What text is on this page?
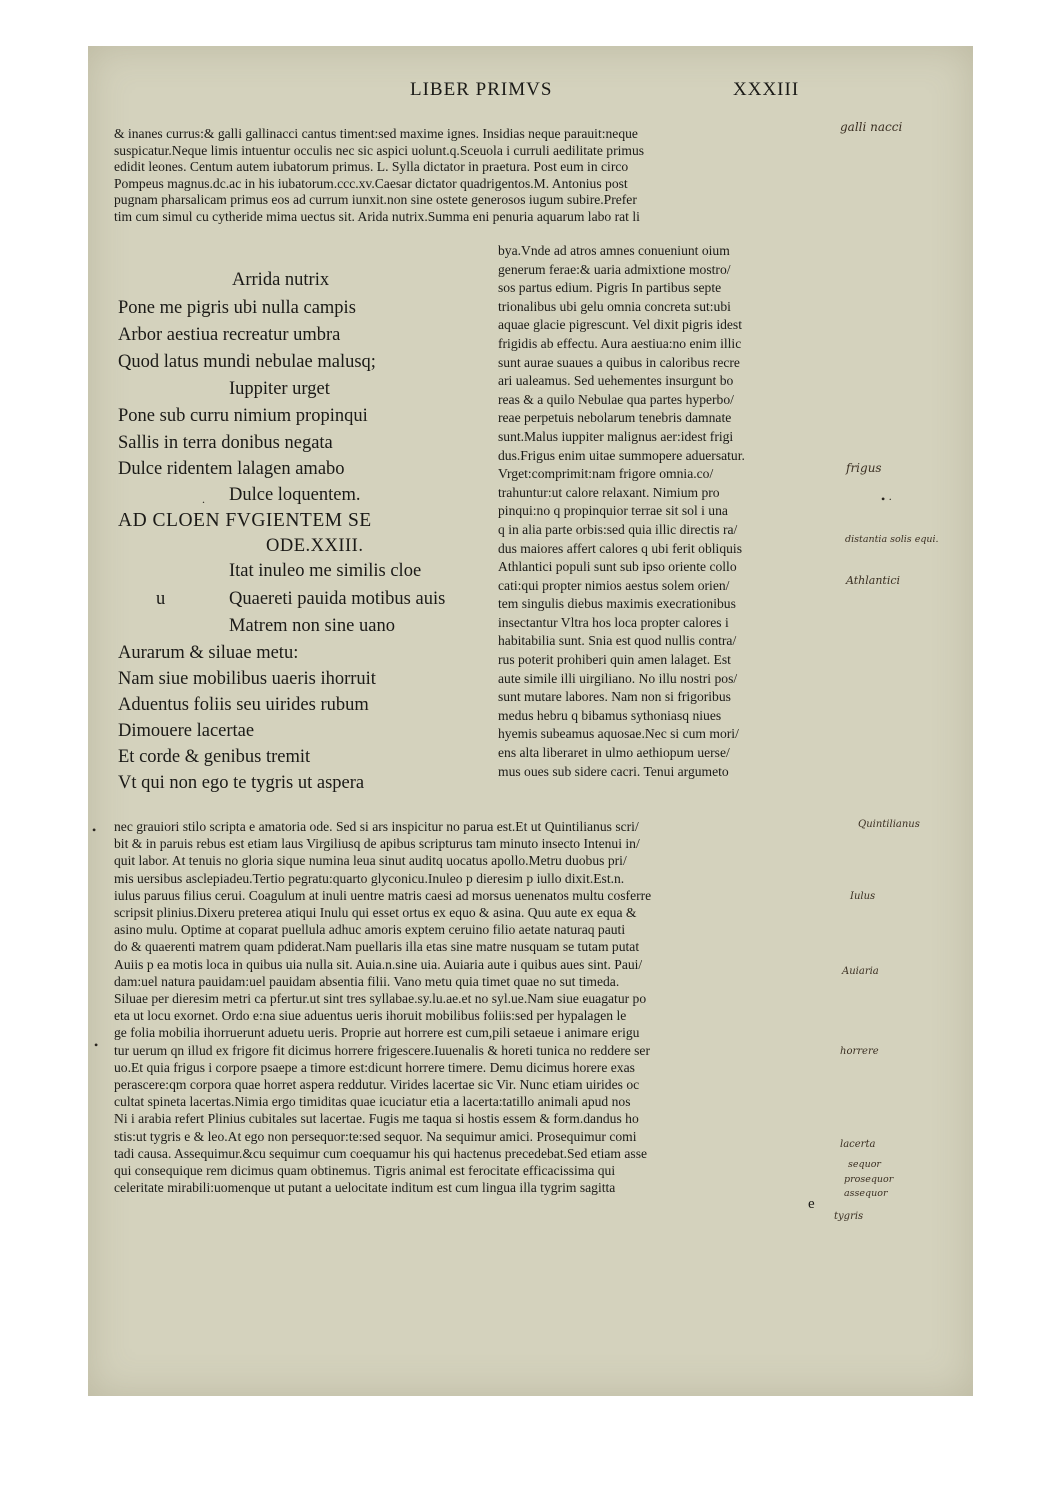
LIBER PRIMVS	XXXIII
& inanes currus:& galli gallinacci cantus timent:sed maxime ignes. Insidias neque parauit:neque
suspicatur.Neque limis intuentur occulis nec sic aspici uolunt.q.Sceuola i curruli aedilitate primus
edidit leones. Centum autem iubatorum primus. L. Sylla dictator in praetura. Post eum in circo
Pompeus magnus.dc.ac in his iubatorum.ccc.xv.Caesar dictator quadrigentos.M. Antonius post
pugnam pharsalicam primus eos ad currum iunxit.non sine ostete generosos iugum subire.Prefer
tim cum simul cu cytheride mima uectus sit. Arida nutrix.Summa eni penuria aquarum labo rat li
Arrida nutrix
Pone me pigris ubi nulla campis
Arbor aestiua recreatur umbra
Quod latus mundi nebulae malusq;
Iuppiter urget
Pone sub curru nimium propinqui
Sallis in terra donibus negata
Dulce ridentem lalagen amabo
Dulce loquentem.
.
AD CLOEN FVGIENTEM SE
ODE.XXIII.
Itat inuleo me similis cloe
u	Quaereti pauida motibus auis
Matrem non sine uano
Aurarum & siluae metu:
Nam siue mobilibus uaeris ihorruit
Aduentus foliis seu uirides rubum
Dimouere lacertae
Et corde & genibus tremit
Vt qui non ego te tygris ut aspera
bya.Vnde ad atros amnes conueniunt oium
generum ferae:& uaria admixtione mostro/
sos partus edium. Pigris In partibus septe
trionalibus ubi gelu omnia concreta sut:ubi
aquae glacie pigrescunt. Vel dixit pigris idest
frigidis ab effectu. Aura aestiua:no enim illic
sunt aurae suaues a quibus in caloribus recre
ari ualeamus. Sed uehementes insurgunt bo
reas & a quilo Nebulae qua partes hyperbo/
reae perpetuis nebolarum tenebris damnate
sunt.Malus iuppiter malignus aer:idest frigi
dus.Frigus enim uitae summopere aduersatur.
Vrget:comprimit:nam frigore omnia.co/
trahuntur:ut calore relaxant. Nimium pro
pinqui:no q propinquior terrae sit sol i una
q in alia parte orbis:sed quia illic directis ra/
dus maiores affert calores q ubi ferit obliquis
Athlantici populi sunt sub ipso oriente collo
cati:qui propter nimios aestus solem orien/
tem singulis diebus maximis execrationibus
insectantur Vltra hos loca propter calores i
habitabilia sunt. Snia est quod nullis contra/
rus poterit prohiberi quin amen lalaget. Est
aute simile illi uirgiliano. No illu nostri pos/
sunt mutare labores. Nam non si frigoribus
medus hebru q bibamus sythoniasq niues
hyemis subeamus aquosae.Nec si cum mori/
ens alta liberaret in ulmo aethiopum uerse/
mus oues sub sidere cacri. Tenui argumeto
nec grauiori stilo scripta e amatoria ode. Sed si ars inspicitur no parua est.Et ut Quintilianus scri/
bit & in paruis rebus est etiam laus Virgiliusq de apibus scripturus tam minuto insecto Intenui in/
quit labor. At tenuis no gloria sique numina leua sinut auditq uocatus apollo.Metru duobus pri/
mis uersibus asclepiadeu.Tertio pegratu:quarto glyconicu.Inuleo p dieresim p iullo dixit.Est.n.
iulus paruus filius cerui. Coagulum at inuli uentre matris caesi ad morsus uenenatos multu cosferre
scripsit plinius.Dixeru preterea atiqui Inulu qui esset ortus ex equo & asina. Quu aute ex equa &
asino mulu. Optime at coparat puellula adhuc amoris exptem ceruino filio aetate naturaq pauti
do & quaerenti matrem quam pdiderat.Nam puellaris illa etas sine matre nusquam se tutam putat
Auiis p ea motis loca in quibus uia nulla sit. Auia.n.sine uia. Auiaria aute i quibus aues sint. Paui/
dam:uel natura pauidam:uel pauidam absentia filii. Vano metu quia timet quae no sut timeda.
Siluae per dieresim metri ca pfertur.ut sint tres syllabae.sy.lu.ae.et no syl.ue.Nam siue euagatur po
eta ut locu exornet. Ordo e:na siue aduentus ueris ihoruit mobilibus foliis:sed per hypalagen le
ge folia mobilia ihorruerunt aduetu ueris. Proprie aut horrere est cum,pili setaeue i animare erigu
tur uerum qn illud ex frigore fit dicimus horrere frigescere.Iuuenalis & horeti tunica no reddere ser
uo.Et quia frigus i corpore psaepe a timore est:dicunt horrere timere. Demu dicimus horere exas
perascere:qm corpora quae horret aspera reddutur. Virides lacertae sic Vir. Nunc etiam uirides oc
cultat spineta lacertas.Nimia ergo timiditas quae icuciatur etia a lacerta:tatillo animali apud nos
Ni i arabia refert Plinius cubitales sut lacertae. Fugis me taqua si hostis essem & form.dandus ho
stis:ut tygris e & leo.At ego non persequor:te:sed sequor. Na sequimur amici. Prosequimur comi
tadi causa. Assequimur.&cu sequimur cum coequamur his qui hactenus precedebat.Sed etiam asse
qui consequique rem dicimus quam obtinemus. Tigris animal est ferocitate efficacissima qui
celeritate mirabili:uomenque ut putant a uelocitate inditum est cum lingua illa tygrim sagitta
e
galli nacci
frigus
distantia solis equi.
Athlantici
Quintilianus
Iulus
Auiaria
horrere
lacerta
sequor
prosequor
assequor
tygris
•
•
• ·
